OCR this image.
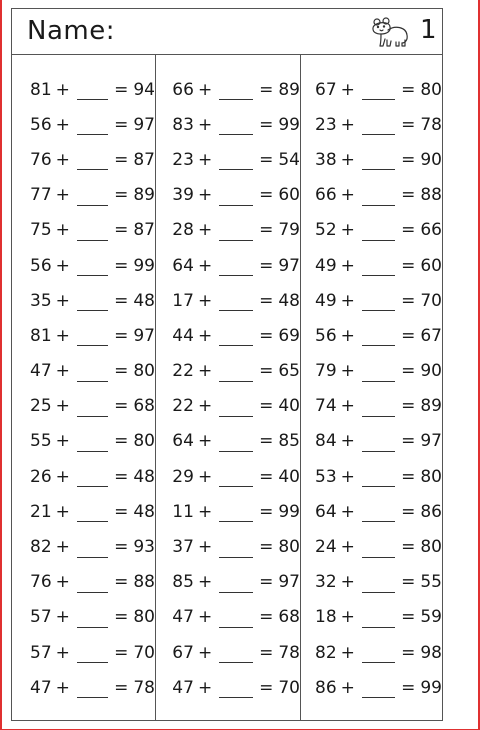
Name:	1
81 +	= 94
56 +	= 97
76 +	= 87
77 +	= 89
75 +	= 87
56 +	= 99
35 +	= 48
81 +	= 97
47 +	= 80
25 +	= 68
55 +	= 80
26 +	= 48
21 +	= 48
82 +	= 93
76 +	= 88
57 +	= 80
57 +	= 70
47 +	= 78
66 +	= 89
83 +	= 99
23 +	= 54
39 +	= 60
28 +	= 79
64 +	= 97
17 +	= 48
44 +	= 69
22 +	= 65
22 +	= 40
64 +	= 85
29 +	= 40
11 +	= 99
37 +	= 80
85 +	= 97
47 +	= 68
67 +	= 78
47 +	= 70
67 +	= 80
23 +	= 78
38 +	= 90
66 +	= 88
52 +	= 66
49 +	= 60
49 +	= 70
56 +	= 67
79 +	= 90
74 +	= 89
84 +	= 97
53 +	= 80
64 +	= 86
24 +	= 80
32 +	= 55
18 +	= 59
82 +	= 98
86 +	= 99
